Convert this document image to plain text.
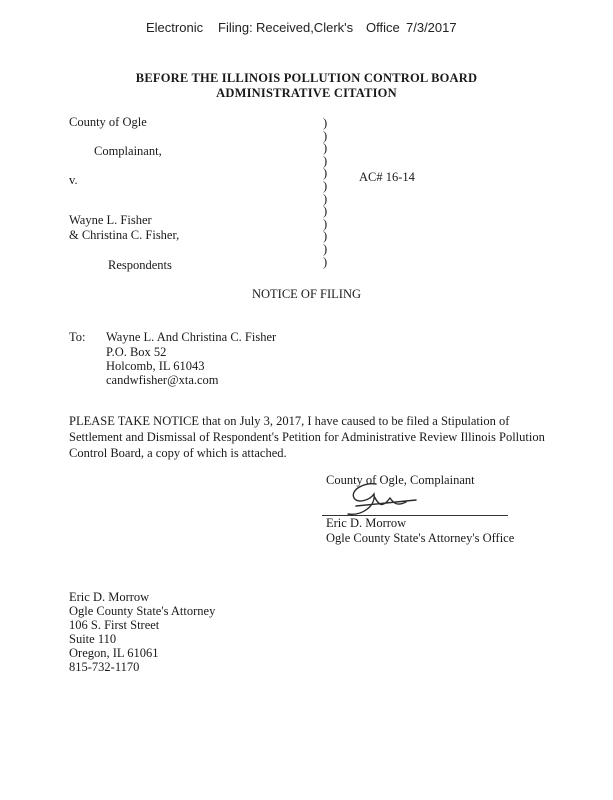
Electronic Filing: Received,Clerk's Office 7/3/2017
BEFORE THE ILLINOIS POLLUTION CONTROL BOARD
ADMINISTRATIVE CITATION
County of Ogle
Complainant,
v.	AC# 16-14
Wayne L. Fisher
& Christina C. Fisher,
Respondents
)
)
)
)
)
)
)
)
)
)
)
)
NOTICE OF FILING
To: Wayne L. And Christina C. Fisher
P.O. Box 52
Holcomb, IL 61043
candwfisher@xta.com
PLEASE TAKE NOTICE that on July 3, 2017, I have caused to be filed a Stipulation of Settlement and Dismissal of Respondent's Petition for Administrative Review Illinois Pollution Control Board, a copy of which is attached.
County of Ogle, Complainant
Eric D. Morrow
Ogle County State's Attorney's Office
Eric D. Morrow
Ogle County State's Attorney
106 S. First Street
Suite 110
Oregon, IL 61061
815-732-1170
